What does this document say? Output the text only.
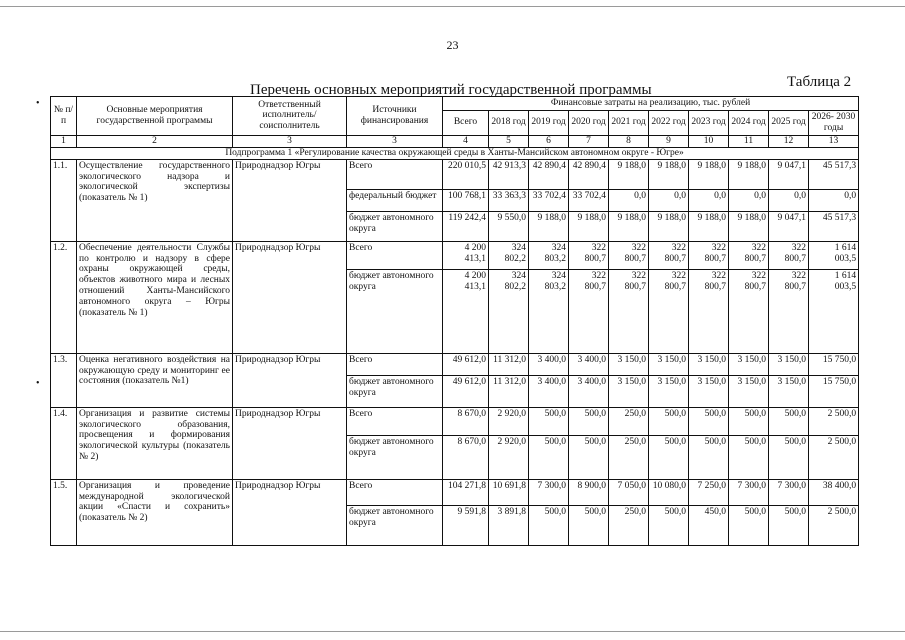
23
Таблица 2
Перечень основных мероприятий государственной программы
•
•
№ п/п	Основные мероприятия государственной программы	Ответственный исполнитель/ соисполнитель	Источники финансирования	Финансовые затраты на реализацию, тыс. рублей									
				Всего	2018 год	2019 год	2020 год	2021 год	2022 год	2023 год	2024 год	2025 год	2026- 2030 годы
1	2	3	3	4	5	6	7	8	9	10	11	12	13
Подпрограмма 1 «Регулирование качества окружающей среды в Ханты-Мансийском автономном округе - Югре»													
1.1.	Осуществление государственного экологического надзора и экологической экспертизы (показатель № 1)	Природнадзор Югры	Всего	220 010,5	42 913,3	42 890,4	42 890,4	9 188,0	9 188,0	9 188,0	9 188,0	9 047,1	45 517,3
			федеральный бюджет	100 768,1	33 363,3	33 702,4	33 702,4	0,0	0,0	0,0	0,0	0,0	0,0
			бюджет автономного округа	119 242,4	9 550,0	9 188,0	9 188,0	9 188,0	9 188,0	9 188,0	9 188,0	9 047,1	45 517,3
1.2.	Обеспечение деятельности Службы по контролю и надзору в сфере охраны окружающей среды, объектов животного мира и лесных отношений Ханты-Мансийского автономного округа – Югры (показатель № 1)	Природнадзор Югры	Всего	4 200 413,1	324 802,2	324 803,2	322 800,7	322 800,7	322 800,7	322 800,7	322 800,7	322 800,7	1 614 003,5
			бюджет автономного округа	4 200 413,1	324 802,2	324 803,2	322 800,7	322 800,7	322 800,7	322 800,7	322 800,7	322 800,7	1 614 003,5
1.3.	Оценка негативного воздействия на окружающую среду и мониторинг ее состояния (показатель №1)	Природнадзор Югры	Всего	49 612,0	11 312,0	3 400,0	3 400,0	3 150,0	3 150,0	3 150,0	3 150,0	3 150,0	15 750,0
			бюджет автономного округа	49 612,0	11 312,0	3 400,0	3 400,0	3 150,0	3 150,0	3 150,0	3 150,0	3 150,0	15 750,0
1.4.	Организация и развитие системы экологического образования, просвещения и формирования экологической культуры (показатель № 2)	Природнадзор Югры	Всего	8 670,0	2 920,0	500,0	500,0	250,0	500,0	500,0	500,0	500,0	2 500,0
			бюджет автономного округа	8 670,0	2 920,0	500,0	500,0	250,0	500,0	500,0	500,0	500,0	2 500,0
1.5.	Организация и проведение международной экологической акции «Спасти и сохранить» (показатель № 2)	Природнадзор Югры	Всего	104 271,8	10 691,8	7 300,0	8 900,0	7 050,0	10 080,0	7 250,0	7 300,0	7 300,0	38 400,0
			бюджет автономного округа	9 591,8	3 891,8	500,0	500,0	250,0	500,0	450,0	500,0	500,0	2 500,0
